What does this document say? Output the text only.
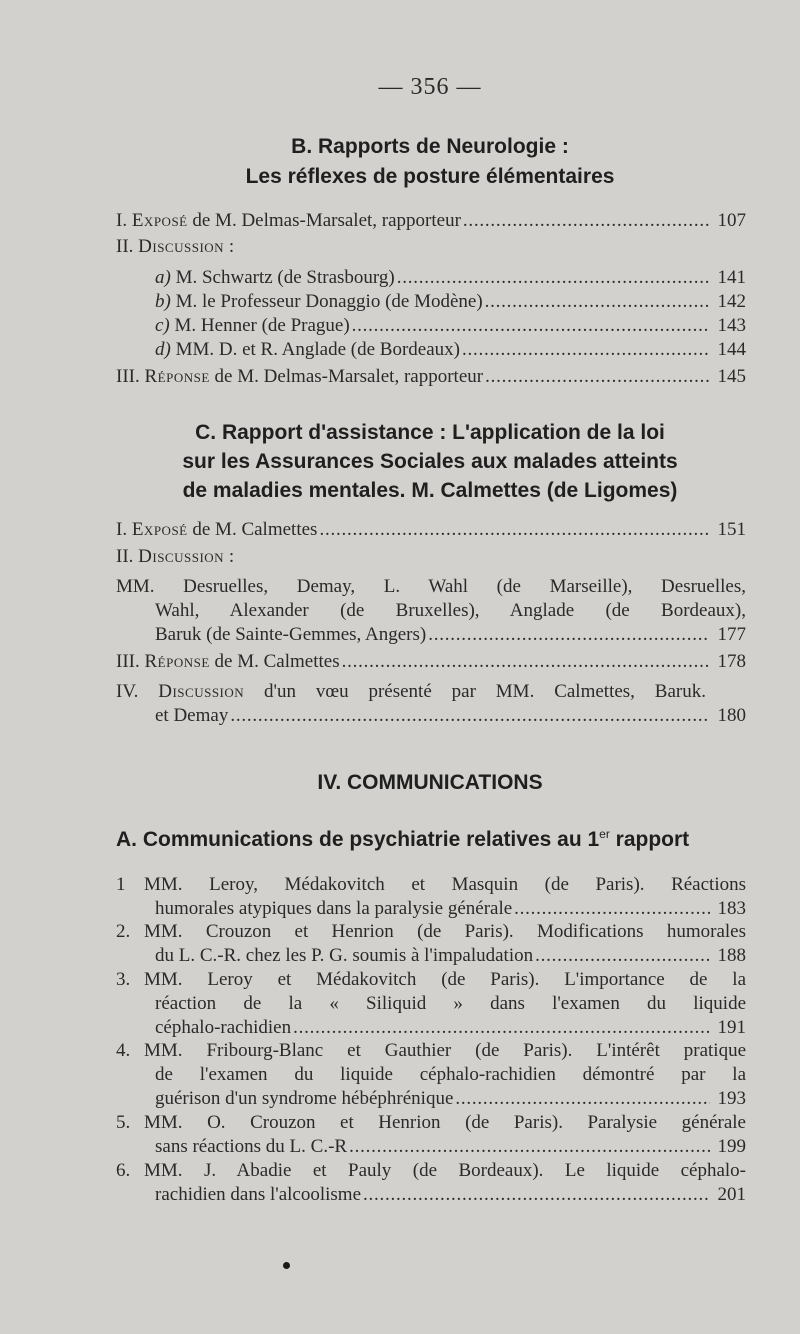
— 356 —
B. Rapports de Neurologie :
Les réflexes de posture élémentaires
I. Exposé de M. Delmas-Marsalet, rapporteur . . .	107
II. Discussion :
a) M. Schwartz (de Strasbourg) . . .	141
b) M. le Professeur Donaggio (de Modène) . . .	142
c) M. Henner (de Prague) . . .	143
d) MM. D. et R. Anglade (de Bordeaux) . . .	144
III. Réponse de M. Delmas-Marsalet, rapporteur . . .	145
C. Rapport d'assistance : L'application de la loi
sur les Assurances Sociales aux malades atteints
de maladies mentales. M. Calmettes (de Ligomes)
I. Exposé de M. Calmettes . . .	151
II. Discussion :
MM. Desruelles, Demay, L. Wahl (de Marseille), Desruelles,
Wahl, Alexander (de Bruxelles), Anglade (de Bordeaux),
Baruk (de Sainte-Gemmes, Angers) . . .	177
III. Réponse de M. Calmettes . . .	178
IV. Discussion d'un vœu présenté par MM. Calmettes, Baruk.
et Demay . . .	180
IV. COMMUNICATIONS
A. Communications de psychiatrie relatives au 1er rapport
1 MM. Leroy, Médakovitch et Masquin (de Paris). Réactions
humorales atypiques dans la paralysie générale . . .	183
2. MM. Crouzon et Henrion (de Paris). Modifications humorales
du L. C.-R. chez les P. G. soumis à l'impaludation . . .	188
3. MM. Leroy et Médakovitch (de Paris). L'importance de la
réaction de la « Siliquid » dans l'examen du liquide
céphalo-rachidien . . .	191
4. MM. Fribourg-Blanc et Gauthier (de Paris). L'intérêt pratique
de l'examen du liquide céphalo-rachidien démontré par la
guérison d'un syndrome hébéphrénique . . .	193
5. MM. O. Crouzon et Henrion (de Paris). Paralysie générale
sans réactions du L. C.-R . . .	199
6. MM. J. Abadie et Pauly (de Bordeaux). Le liquide céphalo-
rachidien dans l'alcoolisme . . .	201
